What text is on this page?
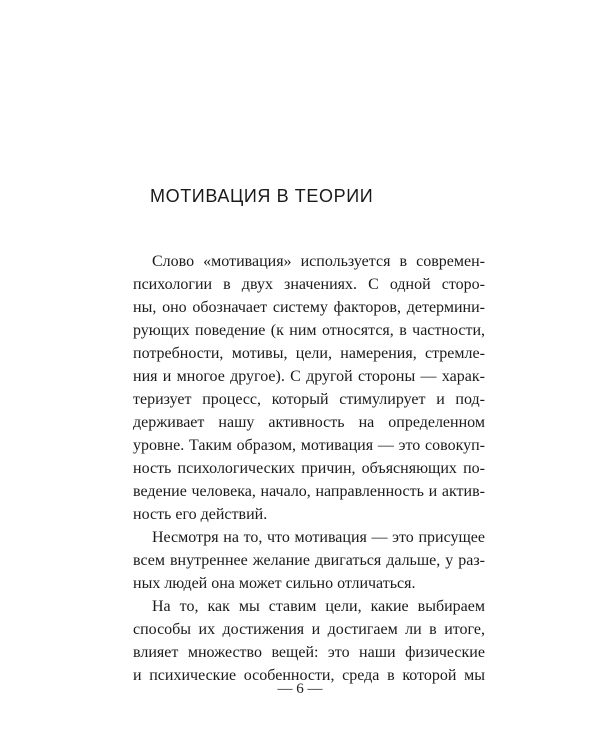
МОТИВАЦИЯ В ТЕОРИИ
Слово «мотивация» используется в современ-
психологии в двух значениях. С одной сторо-
ны, оно обозначает систему факторов, детермини-
рующих поведение (к ним относятся, в частности,
потребности, мотивы, цели, намерения, стремле-
ния и многое другое). С другой стороны — харак-
теризует процесс, который стимулирует и под-
держивает нашу активность на определенном
уровне. Таким образом, мотивация — это совокуп-
ность психологических причин, объясняющих по-
ведение человека, начало, направленность и актив-
ность его действий.
Несмотря на то, что мотивация — это присущее
всем внутреннее желание двигаться дальше, у раз-
ных людей она может сильно отличаться.
На то, как мы ставим цели, какие выбираем
способы их достижения и достигаем ли в итоге,
влияет множество вещей: это наши физические
и психические особенности, среда в которой мы
— 6 —
